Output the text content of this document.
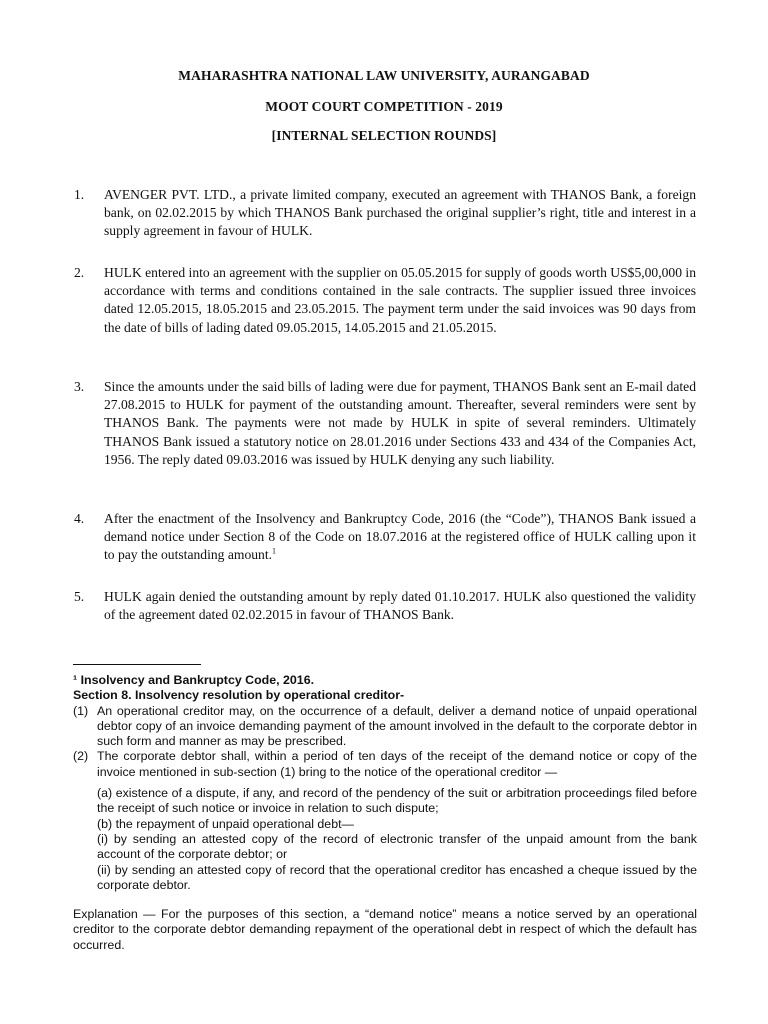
MAHARASHTRA NATIONAL LAW UNIVERSITY, AURANGABAD
MOOT COURT COMPETITION - 2019
[INTERNAL SELECTION ROUNDS]
1. AVENGER PVT. LTD., a private limited company, executed an agreement with THANOS Bank, a foreign bank, on 02.02.2015 by which THANOS Bank purchased the original supplier’s right, title and interest in a supply agreement in favour of HULK.
2. HULK entered into an agreement with the supplier on 05.05.2015 for supply of goods worth US$5,00,000 in accordance with terms and conditions contained in the sale contracts. The supplier issued three invoices dated 12.05.2015, 18.05.2015 and 23.05.2015. The payment term under the said invoices was 90 days from the date of bills of lading dated 09.05.2015, 14.05.2015 and 21.05.2015.
3. Since the amounts under the said bills of lading were due for payment, THANOS Bank sent an E-mail dated 27.08.2015 to HULK for payment of the outstanding amount. Thereafter, several reminders were sent by THANOS Bank. The payments were not made by HULK in spite of several reminders. Ultimately THANOS Bank issued a statutory notice on 28.01.2016 under Sections 433 and 434 of the Companies Act, 1956. The reply dated 09.03.2016 was issued by HULK denying any such liability.
4. After the enactment of the Insolvency and Bankruptcy Code, 2016 (the “Code”), THANOS Bank issued a demand notice under Section 8 of the Code on 18.07.2016 at the registered office of HULK calling upon it to pay the outstanding amount.$^1$
5. HULK again denied the outstanding amount by reply dated 01.10.2017. HULK also questioned the validity of the agreement dated 02.02.2015 in favour of THANOS Bank.
¹ Insolvency and Bankruptcy Code, 2016.
Section 8. Insolvency resolution by operational creditor-
(1) An operational creditor may, on the occurrence of a default, deliver a demand notice of unpaid operational debtor copy of an invoice demanding payment of the amount involved in the default to the corporate debtor in such form and manner as may be prescribed.
(2) The corporate debtor shall, within a period of ten days of the receipt of the demand notice or copy of the invoice mentioned in sub-section (1) bring to the notice of the operational creditor —
(a) existence of a dispute, if any, and record of the pendency of the suit or arbitration proceedings filed before the receipt of such notice or invoice in relation to such dispute;
(b) the repayment of unpaid operational debt—
(i) by sending an attested copy of the record of electronic transfer of the unpaid amount from the bank account of the corporate debtor; or
(ii) by sending an attested copy of record that the operational creditor has encashed a cheque issued by the corporate debtor.
Explanation — For the purposes of this section, a “demand notice” means a notice served by an operational creditor to the corporate debtor demanding repayment of the operational debt in respect of which the default has occurred.
